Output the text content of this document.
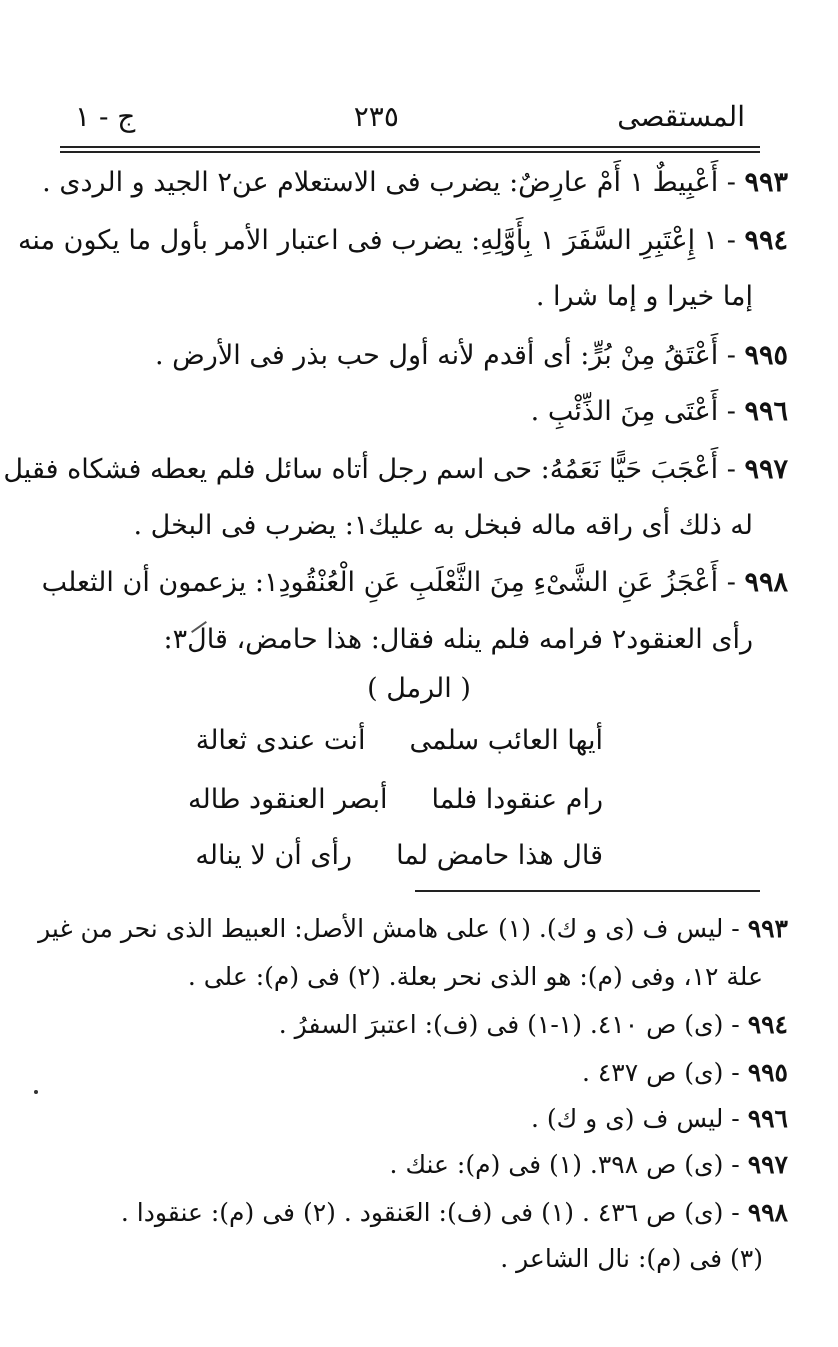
ج - ١	٢٣٥	المستقصى
٩٩٣ - أَعْبِيطٌ ١ أَمْ عارِضٌ: يضرب فى الاستعلام عن٢ الجيد و الردى .
٩٩٤ - ١ إِعْتَبِرِ السَّفَرَ ١ بِأَوَّلِهِ: يضرب فى اعتبار الأمر بأول ما يكون منه
إما خيرا و إما شرا .
٩٩٥ - أَعْتَقُ مِنْ بُرٍّ: أى أقدم لأنه أول حب بذر فى الأرض .
٩٩٦ - أَعْتَى مِنَ الذِّئْبِ .
٩٩٧ - أَعْجَبَ حَيًّا نَعَمُهُ: حى اسم رجل أتاه سائل فلم يعطه فشكاه فقيل
له ذلك أى راقه ماله فبخل به عليك١: يضرب فى البخل .
٩٩٨ - أَعْجَزُ عَنِ الشَّىْءِ مِنَ الثَّعْلَبِ عَنِ الْعُنْقُودِ١: يزعمون أن الثعلب
رأى العنقود٢ فرامه فلم ينله فقال: هذا حامض، قال٣:
( الرمل )
أيها العائب سلمى
أنت عندى ثعالة
رام عنقودا فلما
أبصر العنقود طاله
قال هذا حامض لما
رأى أن لا يناله
٩٩٣ - ليس ف (ى و ك). (١) على هامش الأصل: العبيط الذى نحر من غير
علة ١٢، وفى (م): هو الذى نحر بعلة. (٢) فى (م): على .
٩٩٤ - (ى) ص ٤١٠. (١-١) فى (ف): اعتبرَ السفرُ .
٩٩٥ - (ى) ص ٤٣٧ .
٩٩٦ - ليس ف (ى و ك) .
٩٩٧ - (ى) ص ٣٩٨. (١) فى (م): عنك .
٩٩٨ - (ى) ص ٤٣٦ . (١) فى (ف): العَنقود . (٢) فى (م): عنقودا .
(٣) فى (م): نال الشاعر .
